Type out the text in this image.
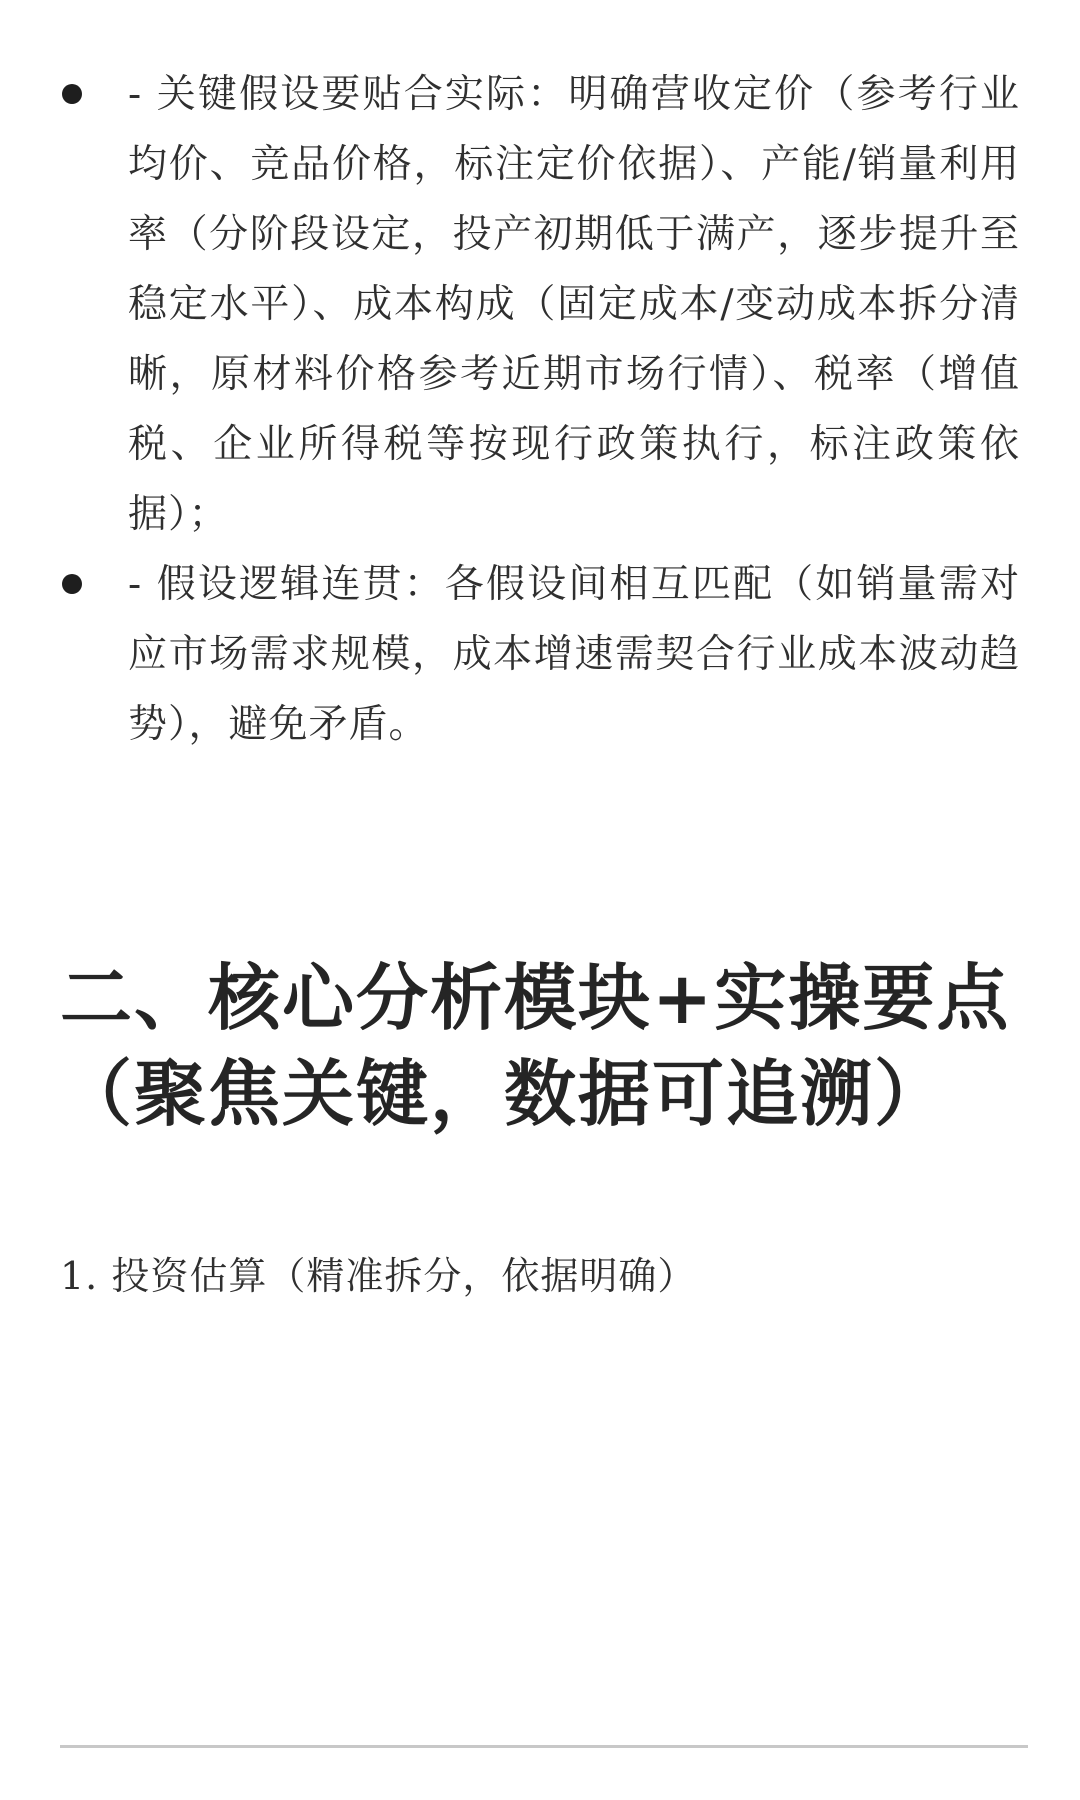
- 关键假设要贴合实际：明确营收定价（参考行业均价、竞品价格，标注定价依据）、产能/销量利用率（分阶段设定，投产初期低于满产，逐步提升至稳定水平）、成本构成（固定成本/变动成本拆分清晰，原材料价格参考近期市场行情）、税率（增值税、企业所得税等按现行政策执行，标注政策依据）；
- 假设逻辑连贯：各假设间相互匹配（如销量需对应市场需求规模，成本增速需契合行业成本波动趋势），避免矛盾。
二、核心分析模块+实操要点（聚焦关键，数据可追溯）

1. 投资估算（精准拆分，依据明确）
